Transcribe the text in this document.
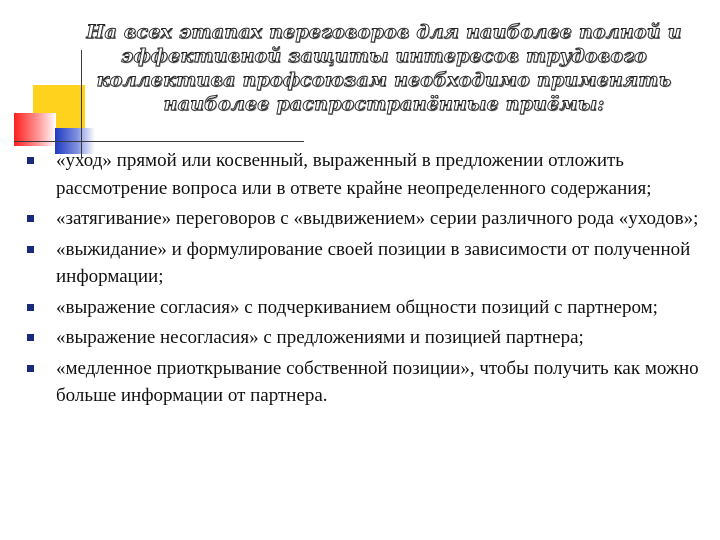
На всех этапах переговоров для наиболее полной и эффективной защиты интересов трудового коллектива профсоюзам необходимо применять наиболее распространённые приёмы:
«уход» прямой или косвенный, выраженный в предложении отложить рассмотрение вопроса или в ответе крайне неопределенного содержания;
«затягивание» переговоров с «выдвижением» серии различного рода «уходов»;
«выжидание» и формулирование своей позиции в зависимости от полученной информации;
«выражение согласия» с подчеркиванием общности позиций с партнером;
«выражение несогласия» с предложениями и позицией партнера;
«медленное приоткрывание собственной позиции», чтобы получить как можно больше информации от партнера.
